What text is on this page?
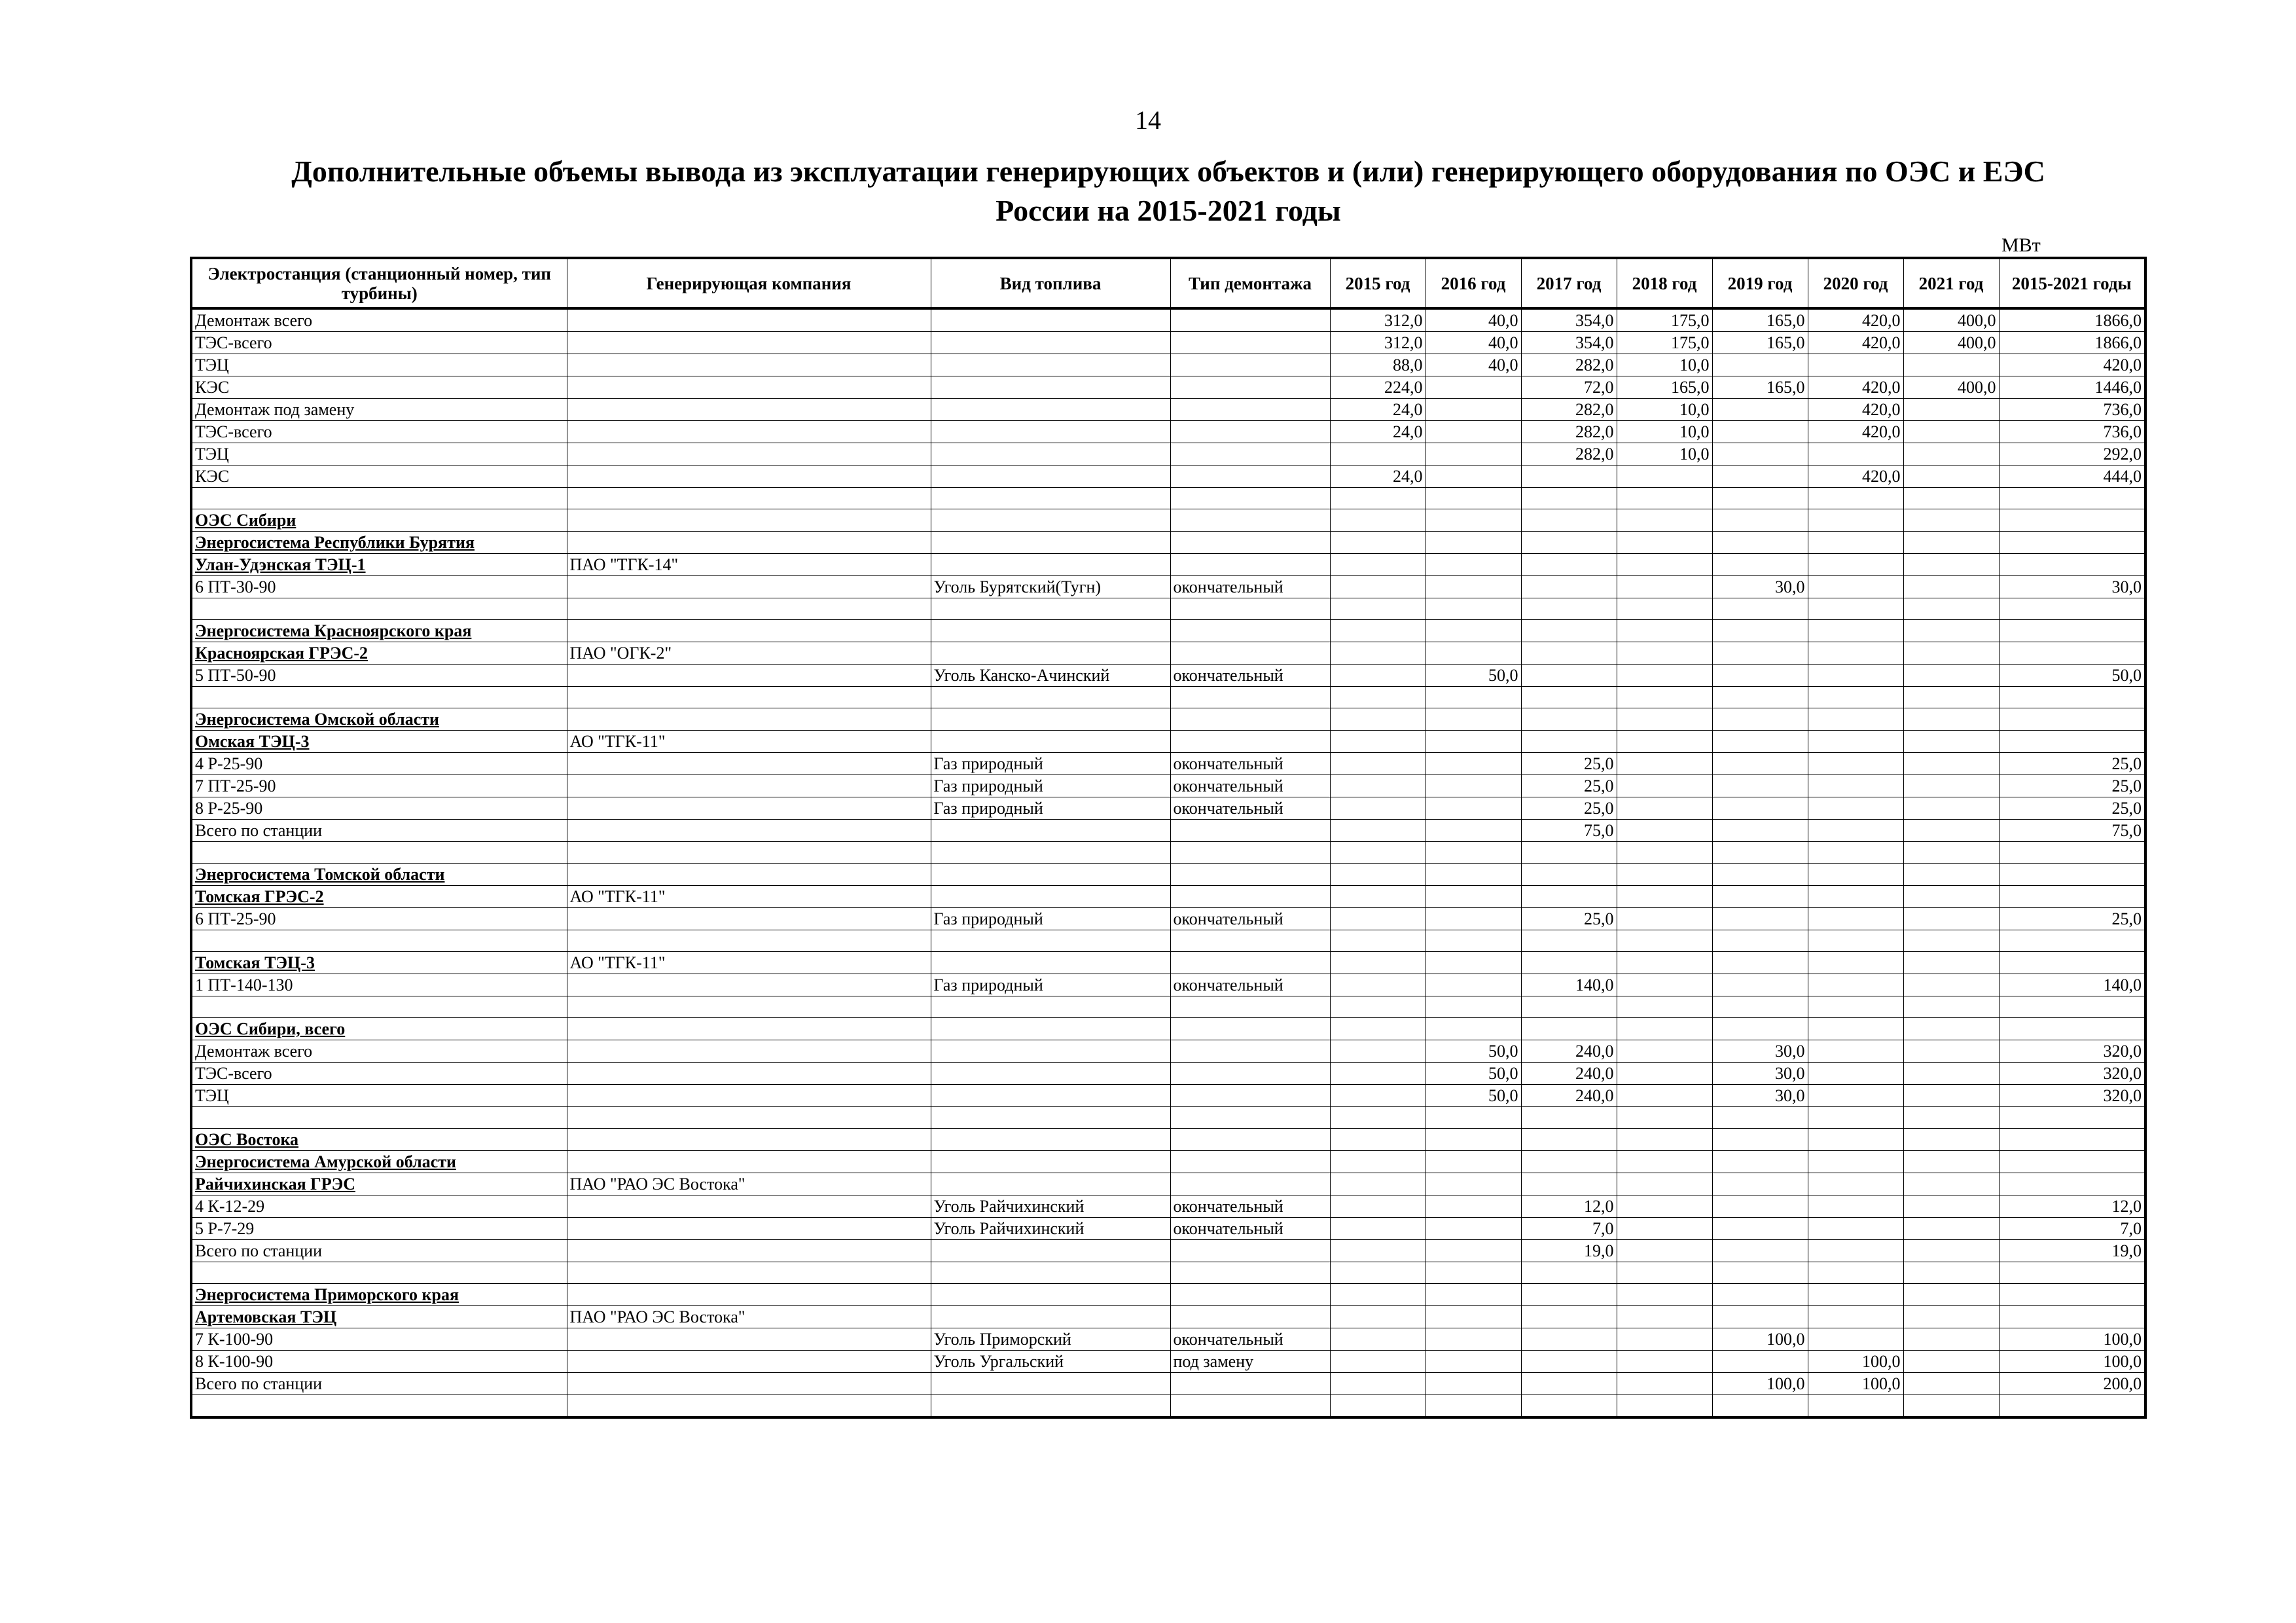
14
Дополнительные объемы вывода из эксплуатации генерирующих объектов и (или) генерирующего оборудования по ОЭС и ЕЭС
России на 2015-2021 годы
МВт
Электростанция (станционный номер, тип турбины)	Генерирующая компания	Вид топлива	Тип демонтажа	2015 год	2016 год	2017 год	2018 год	2019 год	2020 год	2021 год	2015-2021 годы
Демонтаж всего				312,0	40,0	354,0	175,0	165,0	420,0	400,0	1866,0
ТЭС-всего				312,0	40,0	354,0	175,0	165,0	420,0	400,0	1866,0
ТЭЦ				88,0	40,0	282,0	10,0				420,0
КЭС				224,0		72,0	165,0	165,0	420,0	400,0	1446,0
Демонтаж под замену				24,0		282,0	10,0		420,0		736,0
ТЭС-всего				24,0		282,0	10,0		420,0		736,0
ТЭЦ						282,0	10,0				292,0
КЭС				24,0					420,0		444,0

ОЭС Сибири											
Энергосистема Республики Бурятия											
Улан-Удэнская ТЭЦ-1	ПАО "ТГК-14"										
6 ПТ-30-90		Уголь Бурятский(Тугн)	окончательный					30,0			30,0

Энергосистема Красноярского края											
Красноярская ГРЭС-2	ПАО "ОГК-2"										
5 ПТ-50-90		Уголь Канско-Ачинский	окончательный		50,0						50,0

Энергосистема Омской области											
Омская ТЭЦ-3	АО "ТГК-11"										
4 Р-25-90		Газ природный	окончательный			25,0					25,0
7 ПТ-25-90		Газ природный	окончательный			25,0					25,0
8 Р-25-90		Газ природный	окончательный			25,0					25,0
Всего по станции						75,0					75,0

Энергосистема Томской области											
Томская ГРЭС-2	АО "ТГК-11"										
6 ПТ-25-90		Газ природный	окончательный			25,0					25,0

Томская ТЭЦ-3	АО "ТГК-11"										
1 ПТ-140-130		Газ природный	окончательный			140,0					140,0

ОЭС Сибири, всего											
Демонтаж всего					50,0	240,0		30,0			320,0
ТЭС-всего					50,0	240,0		30,0			320,0
ТЭЦ					50,0	240,0		30,0			320,0

ОЭС Востока											
Энергосистема Амурской области											
Райчихинская ГРЭС	ПАО "РАО ЭС Востока"										
4 К-12-29		Уголь Райчихинский	окончательный			12,0					12,0
5 Р-7-29		Уголь Райчихинский	окончательный			7,0					7,0
Всего по станции						19,0					19,0

Энергосистема Приморского края											
Артемовская ТЭЦ	ПАО "РАО ЭС Востока"										
7 К-100-90		Уголь Приморский	окончательный					100,0			100,0
8 К-100-90		Уголь Ургальский	под замену						100,0		100,0
Всего по станции								100,0	100,0		200,0
